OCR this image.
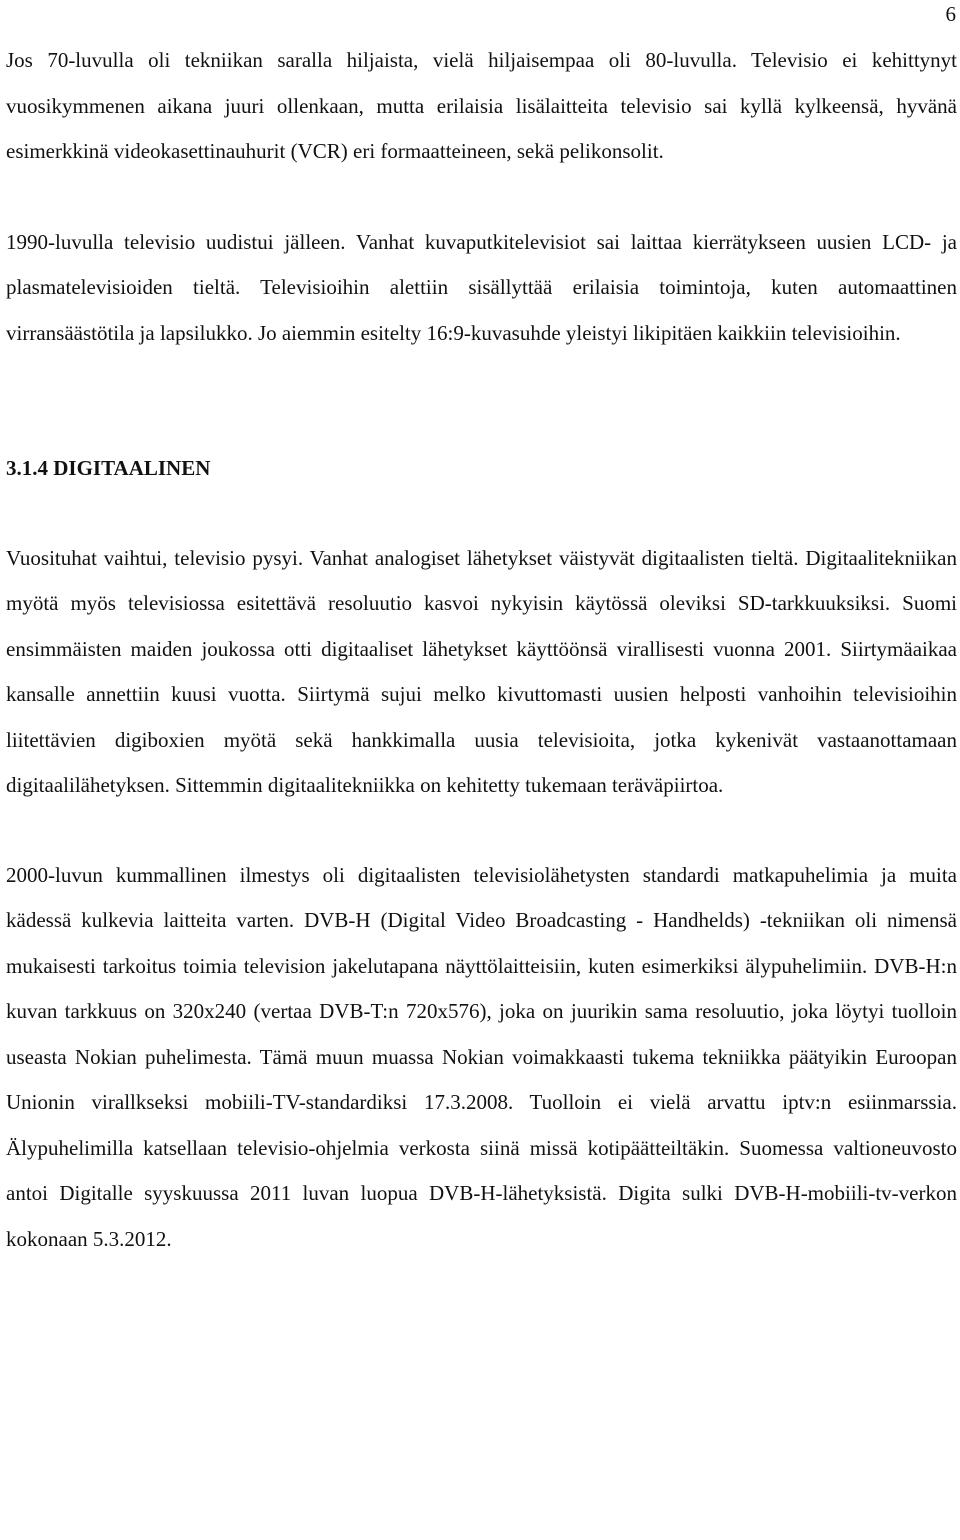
6

Jos 70-luvulla oli tekniikan saralla hiljaista, vielä hiljaisempaa oli 80-luvulla. Televisio ei kehittynyt vuosikymmenen aikana juuri ollenkaan, mutta erilaisia lisälaitteita televisio sai kyllä kylkeensä, hyvänä esimerkkinä videokasettinauhurit (VCR) eri formaatteineen, sekä pelikonsolit.

1990-luvulla televisio uudistui jälleen. Vanhat kuvaputkitelevisiot sai laittaa kierrätykseen uusien LCD- ja plasmatelevisioiden tieltä. Televisioihin alettiin sisällyttää erilaisia toimintoja, kuten automaattinen virransäästötila ja lapsilukko. Jo aiemmin esitelty 16:9-kuvasuhde yleistyi likipitäen kaikkiin televisioihin.

3.1.4 DIGITAALINEN

Vuosituhat vaihtui, televisio pysyi. Vanhat analogiset lähetykset väistyvät digitaalisten tieltä. Digitaalitekniikan myötä myös televisiossa esitettävä resoluutio kasvoi nykyisin käytössä oleviksi SD-tarkkuuksiksi. Suomi ensimmäisten maiden joukossa otti digitaaliset lähetykset käyttöönsä virallisesti vuonna 2001. Siirtymäaikaa kansalle annettiin kuusi vuotta. Siirtymä sujui melko kivuttomasti uusien helposti vanhoihin televisioihin liitettävien digiboxien myötä sekä hankkimalla uusia televisioita, jotka kykenivät vastaanottamaan digitaalilähetyksen. Sittemmin digitaalitekniikka on kehitetty tukemaan teräväpiirtoa.

2000-luvun kummallinen ilmestys oli digitaalisten televisiolähetysten standardi matkapuhelimia ja muita kädessä kulkevia laitteita varten. DVB-H (Digital Video Broadcasting - Handhelds) -tekniikan oli nimensä mukaisesti tarkoitus toimia television jakelutapana näyttölaitteisiin, kuten esimerkiksi älypuhelimiin. DVB-H:n kuvan tarkkuus on 320x240 (vertaa DVB-T:n 720x576), joka on juurikin sama resoluutio, joka löytyi tuolloin useasta Nokian puhelimesta. Tämä muun muassa Nokian voimakkaasti tukema tekniikka päätyikin Euroopan Unionin virallkseksi mobiili-TV-standardiksi 17.3.2008. Tuolloin ei vielä arvattu iptv:n esiinmarssia. Älypuhelimilla katsellaan televisio-ohjelmia verkosta siinä missä kotipäätteiltäkin. Suomessa valtioneuvosto antoi Digitalle syyskuussa 2011 luvan luopua DVB-H-lähetyksistä. Digita sulki DVB-H-mobiili-tv-verkon kokonaan 5.3.2012.
